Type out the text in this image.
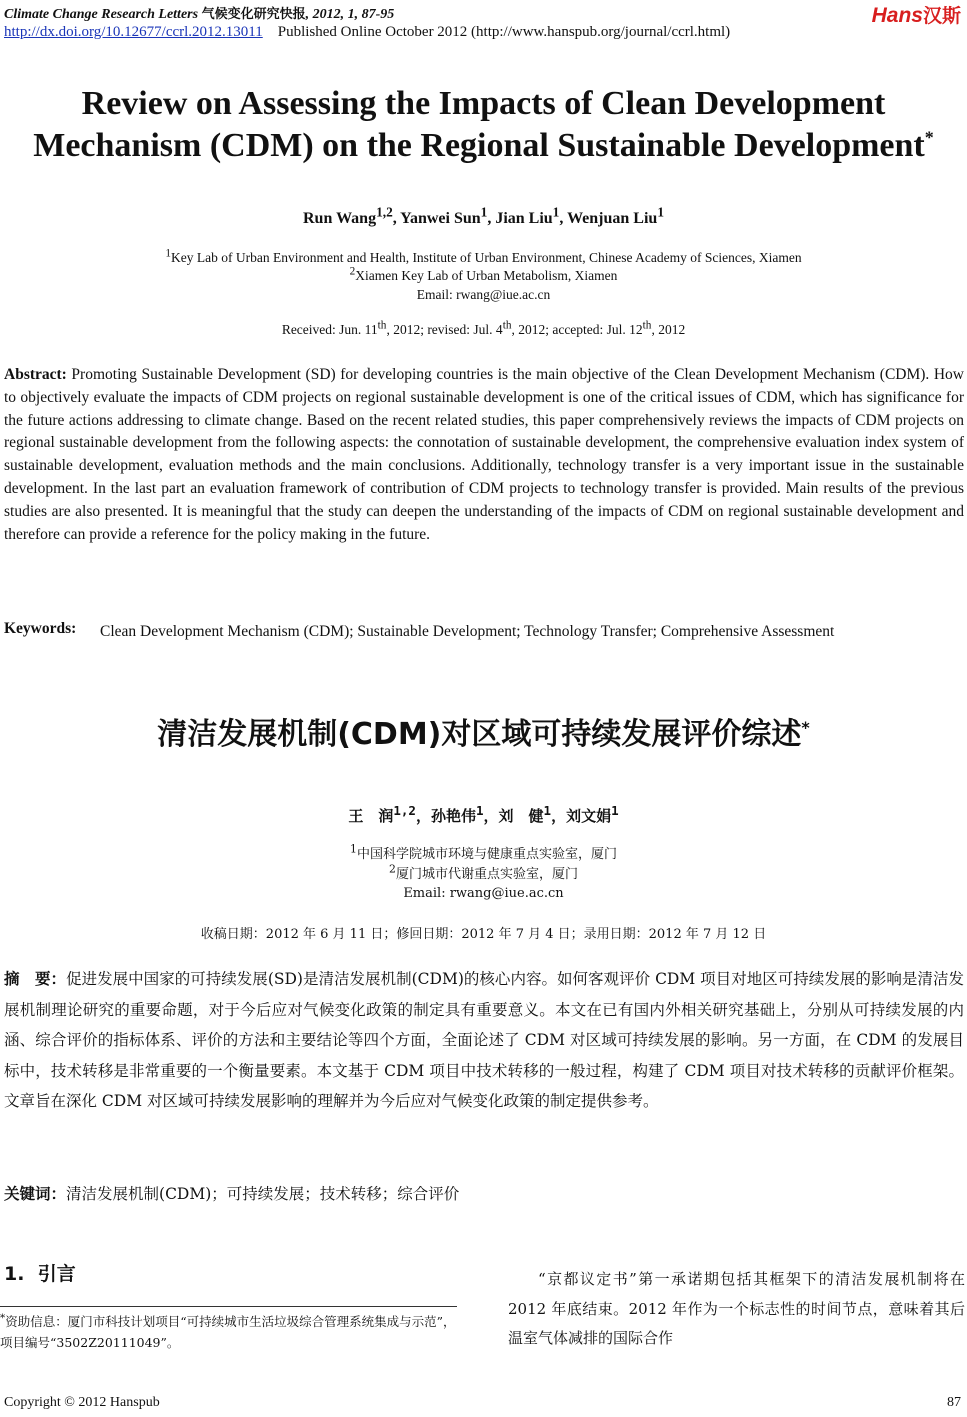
Climate Change Research Letters 气候变化研究快报, 2012, 1, 87-95	Hans汉斯
http://dx.doi.org/10.12677/ccrl.2012.13011 Published Online October 2012 (http://www.hanspub.org/journal/ccrl.html)
Review on Assessing the Impacts of Clean Development
Mechanism (CDM) on the Regional Sustainable Development*
Run Wang$^{1,2}$, Yanwei Sun$^1$, Jian Liu$^1$, Wenjuan Liu$^1$
$^1$Key Lab of Urban Environment and Health, Institute of Urban Environment, Chinese Academy of Sciences, Xiamen
$^2$Xiamen Key Lab of Urban Metabolism, Xiamen
Email: rwang@iue.ac.cn
Received: Jun. 11th, 2012; revised: Jul. 4th, 2012; accepted: Jul. 12th, 2012
Abstract: Promoting Sustainable Development (SD) for developing countries is the main objective of the Clean Development Mechanism (CDM). How to objectively evaluate the impacts of CDM projects on regional sustainable development is one of the critical issues of CDM, which has significance for the future actions addressing to climate change. Based on the recent related studies, this paper comprehensively reviews the impacts of CDM projects on regional sustainable development from the following aspects: the connotation of sustainable development, the comprehensive evaluation index system of sustainable development, evaluation methods and the main conclusions. Additionally, technology transfer is a very important issue in the sustainable development. In the last part an evaluation framework of contribution of CDM projects to technology transfer is provided. Main results of the previous studies are also presented. It is meaningful that the study can deepen the understanding of the impacts of CDM on regional sustainable development and therefore can provide a reference for the policy making in the future.
Keywords: Clean Development Mechanism (CDM); Sustainable Development; Technology Transfer; Comprehensive Assessment
清洁发展机制(CDM)对区域可持续发展评价综述*
王　润$^{1,2}$，孙艳伟$^1$，刘　健$^1$，刘文娟$^1$
$^1$中国科学院城市环境与健康重点实验室，厦门
$^2$厦门城市代谢重点实验室，厦门
Email: rwang@iue.ac.cn
收稿日期：2012 年 6 月 11 日；修回日期：2012 年 7 月 4 日；录用日期：2012 年 7 月 12 日
摘　要：促进发展中国家的可持续发展(SD)是清洁发展机制(CDM)的核心内容。如何客观评价 CDM 项目对地区可持续发展的影响是清洁发展机制理论研究的重要命题，对于今后应对气候变化政策的制定具有重要意义。本文在已有国内外相关研究基础上，分别从可持续发展的内涵、综合评价的指标体系、评价的方法和主要结论等四个方面，全面论述了 CDM 对区域可持续发展的影响。另一方面，在 CDM 的发展目标中，技术转移是非常重要的一个衡量要素。本文基于 CDM 项目中技术转移的一般过程，构建了 CDM 项目对技术转移的贡献评价框架。文章旨在深化 CDM 对区域可持续发展影响的理解并为今后应对气候变化政策的制定提供参考。
关键词：清洁发展机制(CDM)；可持续发展；技术转移；综合评价
1. 引言
*资助信息：厦门市科技计划项目“可持续城市生活垃圾综合管理系统集成与示范”，项目编号“3502Z20111049”。
“京都议定书”第一承诺期包括其框架下的清洁发展机制将在 2012 年底结束。2012 年作为一个标志性的时间节点，意味着其后温室气体减排的国际合作
Copyright © 2012 Hanspub	87
